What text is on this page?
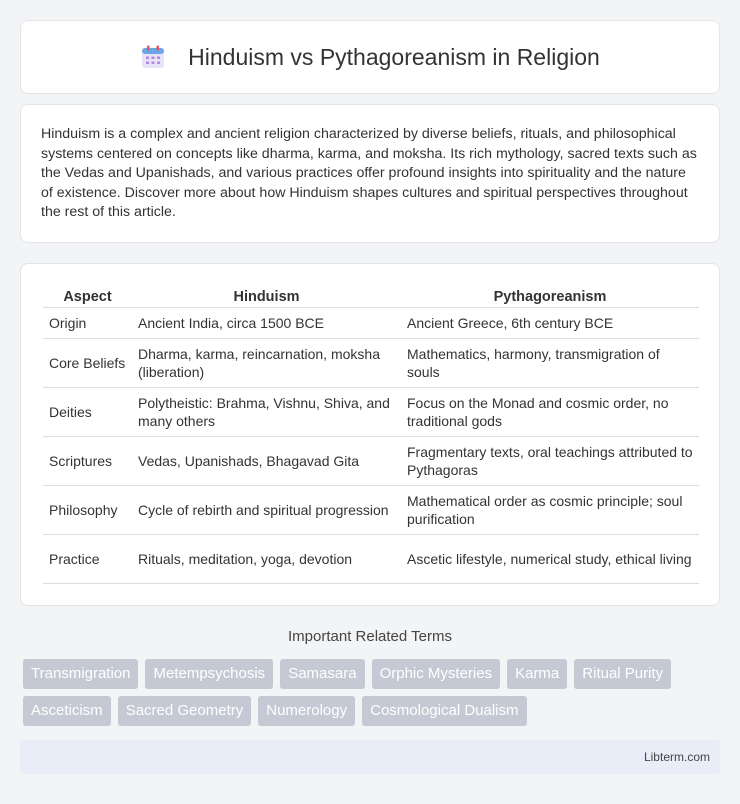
Hinduism vs Pythagoreanism in Religion

Hinduism is a complex and ancient religion characterized by diverse beliefs, rituals, and philosophical systems centered on concepts like dharma, karma, and moksha. Its rich mythology, sacred texts such as the Vedas and Upanishads, and various practices offer profound insights into spirituality and the nature of existence. Discover more about how Hinduism shapes cultures and spiritual perspectives throughout the rest of this article.

Aspect	Hinduism	Pythagoreanism
Origin	Ancient India, circa 1500 BCE	Ancient Greece, 6th century BCE
Core Beliefs	Dharma, karma, reincarnation, moksha (liberation)	Mathematics, harmony, transmigration of souls
Deities	Polytheistic: Brahma, Vishnu, Shiva, and many others	Focus on the Monad and cosmic order, no traditional gods
Scriptures	Vedas, Upanishads, Bhagavad Gita	Fragmentary texts, oral teachings attributed to Pythagoras
Philosophy	Cycle of rebirth and spiritual progression	Mathematical order as cosmic principle; soul purification
Practice	Rituals, meditation, yoga, devotion	Ascetic lifestyle, numerical study, ethical living
Important Related Terms
Transmigration	Metempsychosis	Samasara	Orphic Mysteries	Karma	Ritual Purity
Asceticism	Sacred Geometry	Numerology	Cosmological Dualism
Libterm.com
